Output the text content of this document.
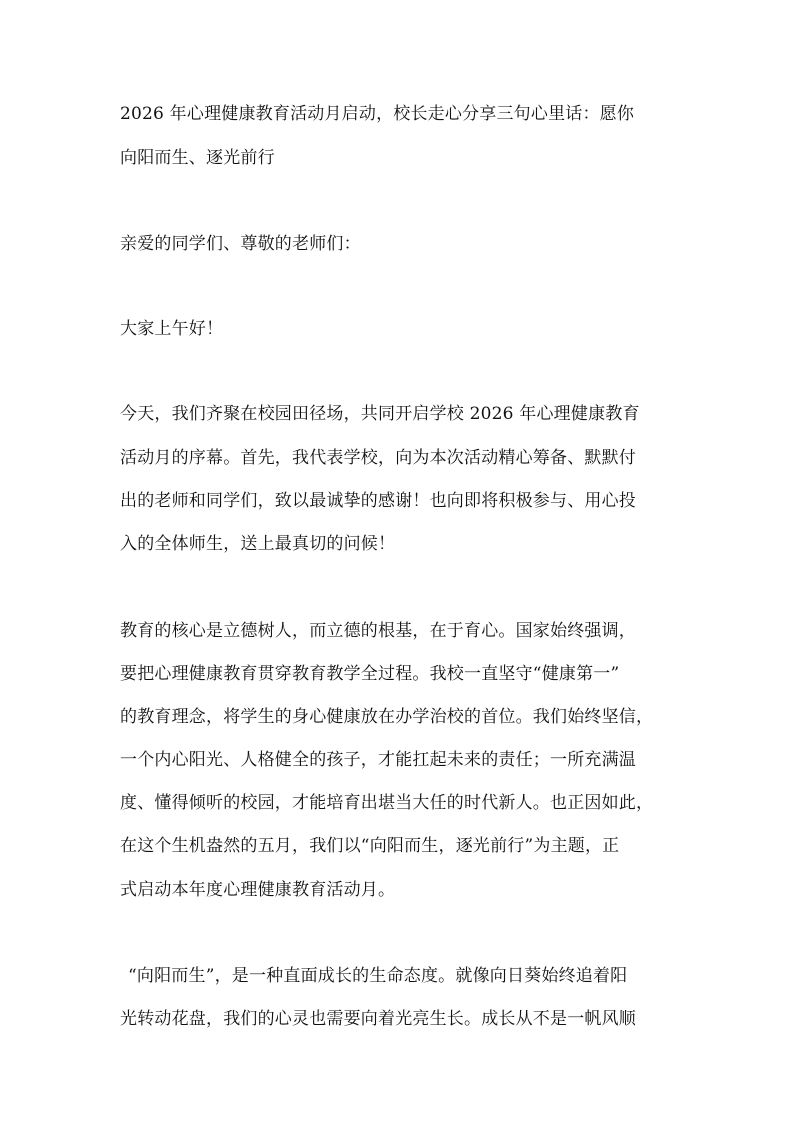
2026 年心理健康教育活动月启动，校长走心分享三句心里话：愿你
向阳而生、逐光前行
亲爱的同学们、尊敬的老师们：
大家上午好！
今天，我们齐聚在校园田径场，共同开启学校 2026 年心理健康教育
活动月的序幕。首先，我代表学校，向为本次活动精心筹备、默默付
出的老师和同学们，致以最诚挚的感谢！也向即将积极参与、用心投
入的全体师生，送上最真切的问候！
教育的核心是立德树人，而立德的根基，在于育心。国家始终强调，
要把心理健康教育贯穿教育教学全过程。我校一直坚守“健康第一”
的教育理念，将学生的身心健康放在办学治校的首位。我们始终坚信，
一个内心阳光、人格健全的孩子，才能扛起未来的责任；一所充满温
度、懂得倾听的校园，才能培育出堪当大任的时代新人。也正因如此，
在这个生机盎然的五月，我们以“向阳而生，逐光前行”为主题，正
式启动本年度心理健康教育活动月。
“向阳而生”，是一种直面成长的生命态度。就像向日葵始终追着阳
光转动花盘，我们的心灵也需要向着光亮生长。成长从不是一帆风顺
